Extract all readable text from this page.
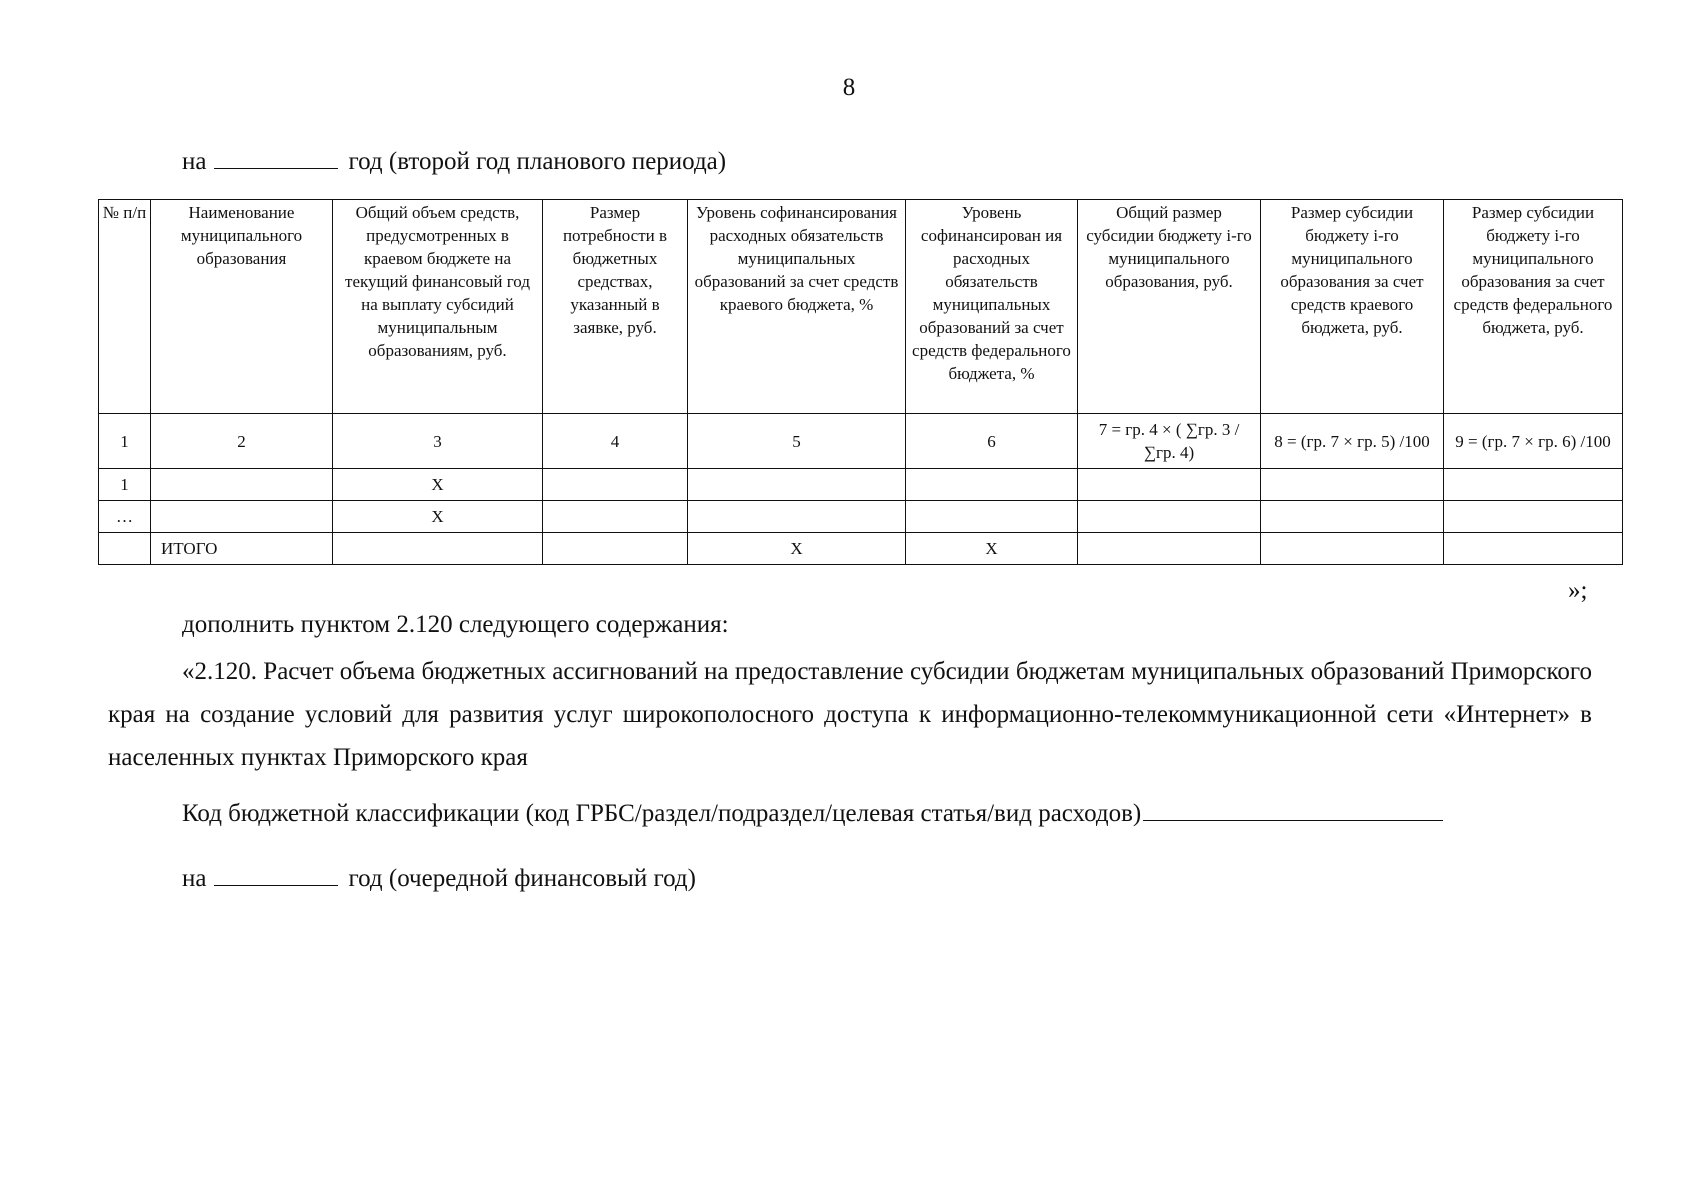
8
на	год (второй год планового периода)
№ п/п	Наименование муниципального образования	Общий объем средств, предусмотренных в краевом бюджете на текущий финансовый год на выплату субсидий муниципальным образованиям, руб.	Размер потребности в бюджетных средствах, указанный в заявке, руб.	Уровень софинансирования расходных обязательств муниципальных образований за счет средств краевого бюджета, %	Уровень софинансирован ия расходных обязательств муниципальных образований за счет средств федерального бюджета, %	Общий размер субсидии бюджету i-го муниципального образования, руб.	Размер субсидии бюджету i-го муниципального образования за счет средств краевого бюджета, руб.	Размер субсидии бюджету i-го муниципального образования за счет средств федерального бюджета, руб.
1	2	3	4	5	6	7 = гр. 4 × ( ∑гр. 3 / ∑гр. 4)	8 = (гр. 7 × гр. 5) /100	9 = (гр. 7 × гр. 6) /100
1		Х						
…		Х						
	ИТОГО			Х	Х			
»;
дополнить пунктом 2.120 следующего содержания:
«2.120. Расчет объема бюджетных ассигнований на предоставление субсидии бюджетам муниципальных образований Приморского края на создание условий для развития услуг широкополосного доступа к информационно-телекоммуникационной сети «Интернет» в населенных пунктах Приморского края
Код бюджетной классификации (код ГРБС/раздел/подраздел/целевая статья/вид расходов)
на	год (очередной финансовый год)
